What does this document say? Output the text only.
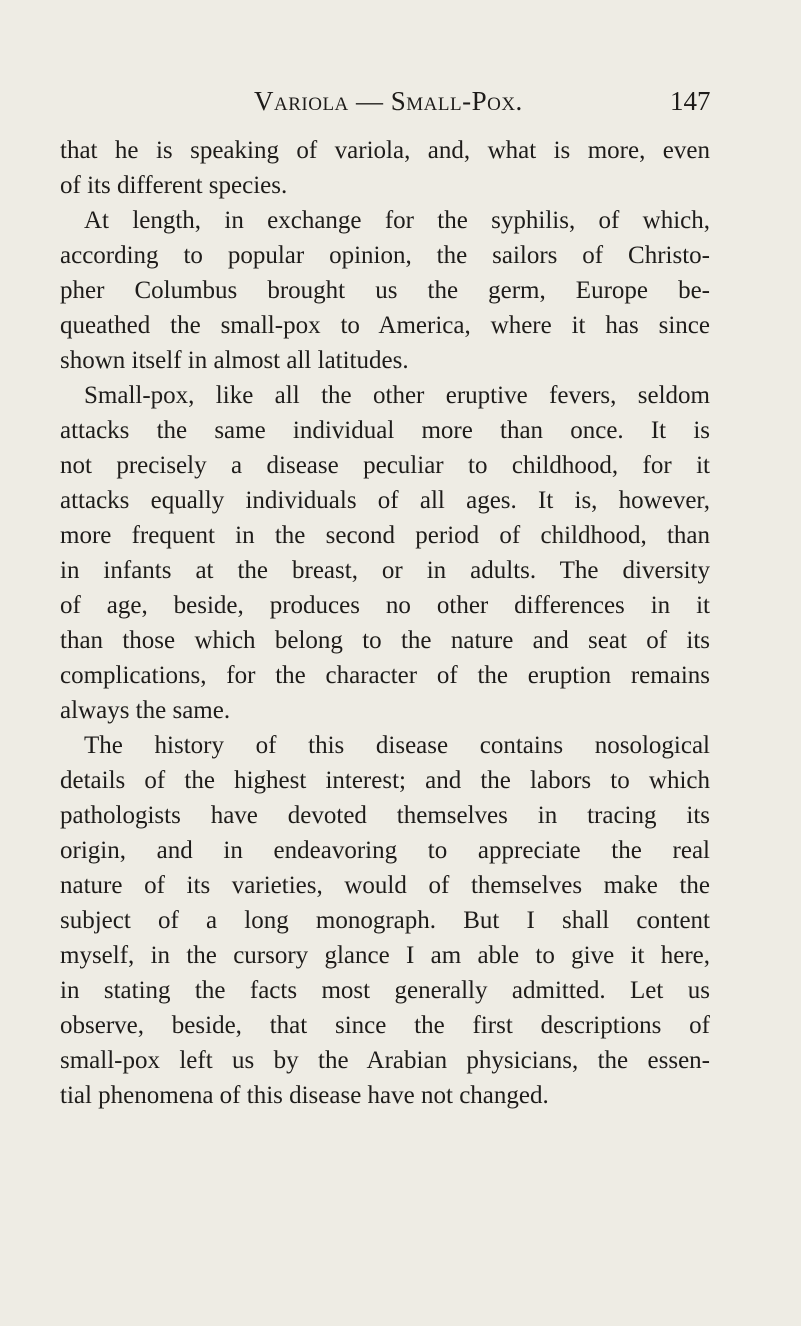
Variola — Small-Pox.	147
that he is speaking of variola, and, what is more, even
of its different species.
At length, in exchange for the syphilis, of which,
according to popular opinion, the sailors of Christo-
pher Columbus brought us the germ, Europe be-
queathed the small-pox to America, where it has since
shown itself in almost all latitudes.
Small-pox, like all the other eruptive fevers, seldom
attacks the same individual more than once. It is
not precisely a disease peculiar to childhood, for it
attacks equally individuals of all ages. It is, however,
more frequent in the second period of childhood, than
in infants at the breast, or in adults. The diversity
of age, beside, produces no other differences in it
than those which belong to the nature and seat of its
complications, for the character of the eruption remains
always the same.
The history of this disease contains nosological
details of the highest interest; and the labors to which
pathologists have devoted themselves in tracing its
origin, and in endeavoring to appreciate the real
nature of its varieties, would of themselves make the
subject of a long monograph. But I shall content
myself, in the cursory glance I am able to give it here,
in stating the facts most generally admitted. Let us
observe, beside, that since the first descriptions of
small-pox left us by the Arabian physicians, the essen-
tial phenomena of this disease have not changed.
